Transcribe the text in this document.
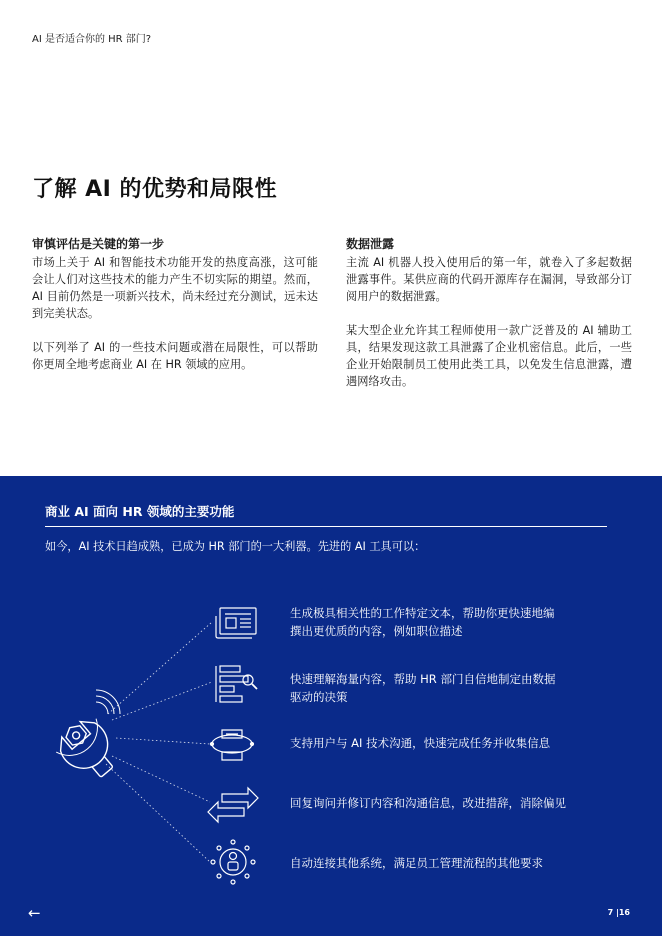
AI 是否适合你的 HR 部门?
了解 AI 的优势和局限性
审慎评估是关键的第一步

市场上关于 AI 和智能技术功能开发的热度高涨，这可能会让人们对这些技术的能力产生不切实际的期望。然而，AI 目前仍然是一项新兴技术，尚未经过充分测试，远未达到完美状态。

以下列举了 AI 的一些技术问题或潜在局限性，可以帮助你更周全地考虑商业 AI 在 HR 领域的应用。

数据泄露

主流 AI 机器人投入使用后的第一年，就卷入了多起数据泄露事件。某供应商的代码开源库存在漏洞，导致部分订阅用户的数据泄露。

某大型企业允许其工程师使用一款广泛普及的 AI 辅助工具，结果发现这款工具泄露了企业机密信息。此后，一些企业开始限制员工使用此类工具，以免发生信息泄露，遭遇网络攻击。

商业 AI 面向 HR 领域的主要功能
如今，AI 技术日趋成熟，已成为 HR 部门的一大利器。先进的 AI 工具可以：
生成极具相关性的工作特定文本，帮助你更快速地编
撰出更优质的内容，例如职位描述
快速理解海量内容，帮助 HR 部门自信地制定由数据
驱动的决策
支持用户与 AI 技术沟通，快速完成任务并收集信息
回复询问并修订内容和沟通信息，改进措辞，消除偏见
自动连接其他系统，满足员工管理流程的其他要求
←	7 |16
